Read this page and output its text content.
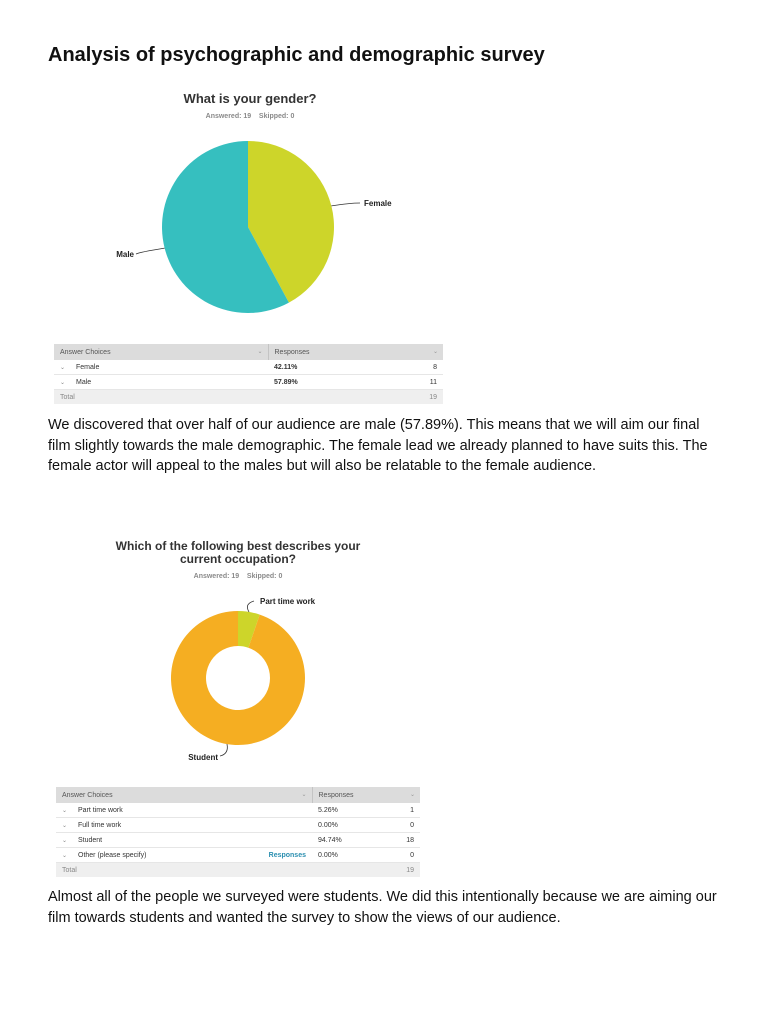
Analysis of psychographic and demographic survey
What is your gender?
Answered: 19    Skipped: 0
Female
Male
Answer Choices ⌄	Responses ⌄

⌄ Female	42.11% 8

⌄ Male	57.89% 11

Total	19
We discovered that over half of our audience are male (57.89%). This means that we will aim our final film slightly towards the male demographic. The female lead we already planned to have suits this. The female actor will appeal to the males but will also be relatable to the female audience.
Which of the following best describes your
current occupation?
Answered: 19    Skipped: 0
Part time work
Student
Answer Choices ⌄	Responses ⌄

⌄ Part time work	5.26% 1

⌄ Full time work	0.00% 0

⌄ Student	94.74% 18

⌄ Other (please specify) Responses	0.00% 0

Total	19
Almost all of the people we surveyed were students. We did this intentionally because we are aiming our film towards students and wanted the survey to show the views of our audience.
